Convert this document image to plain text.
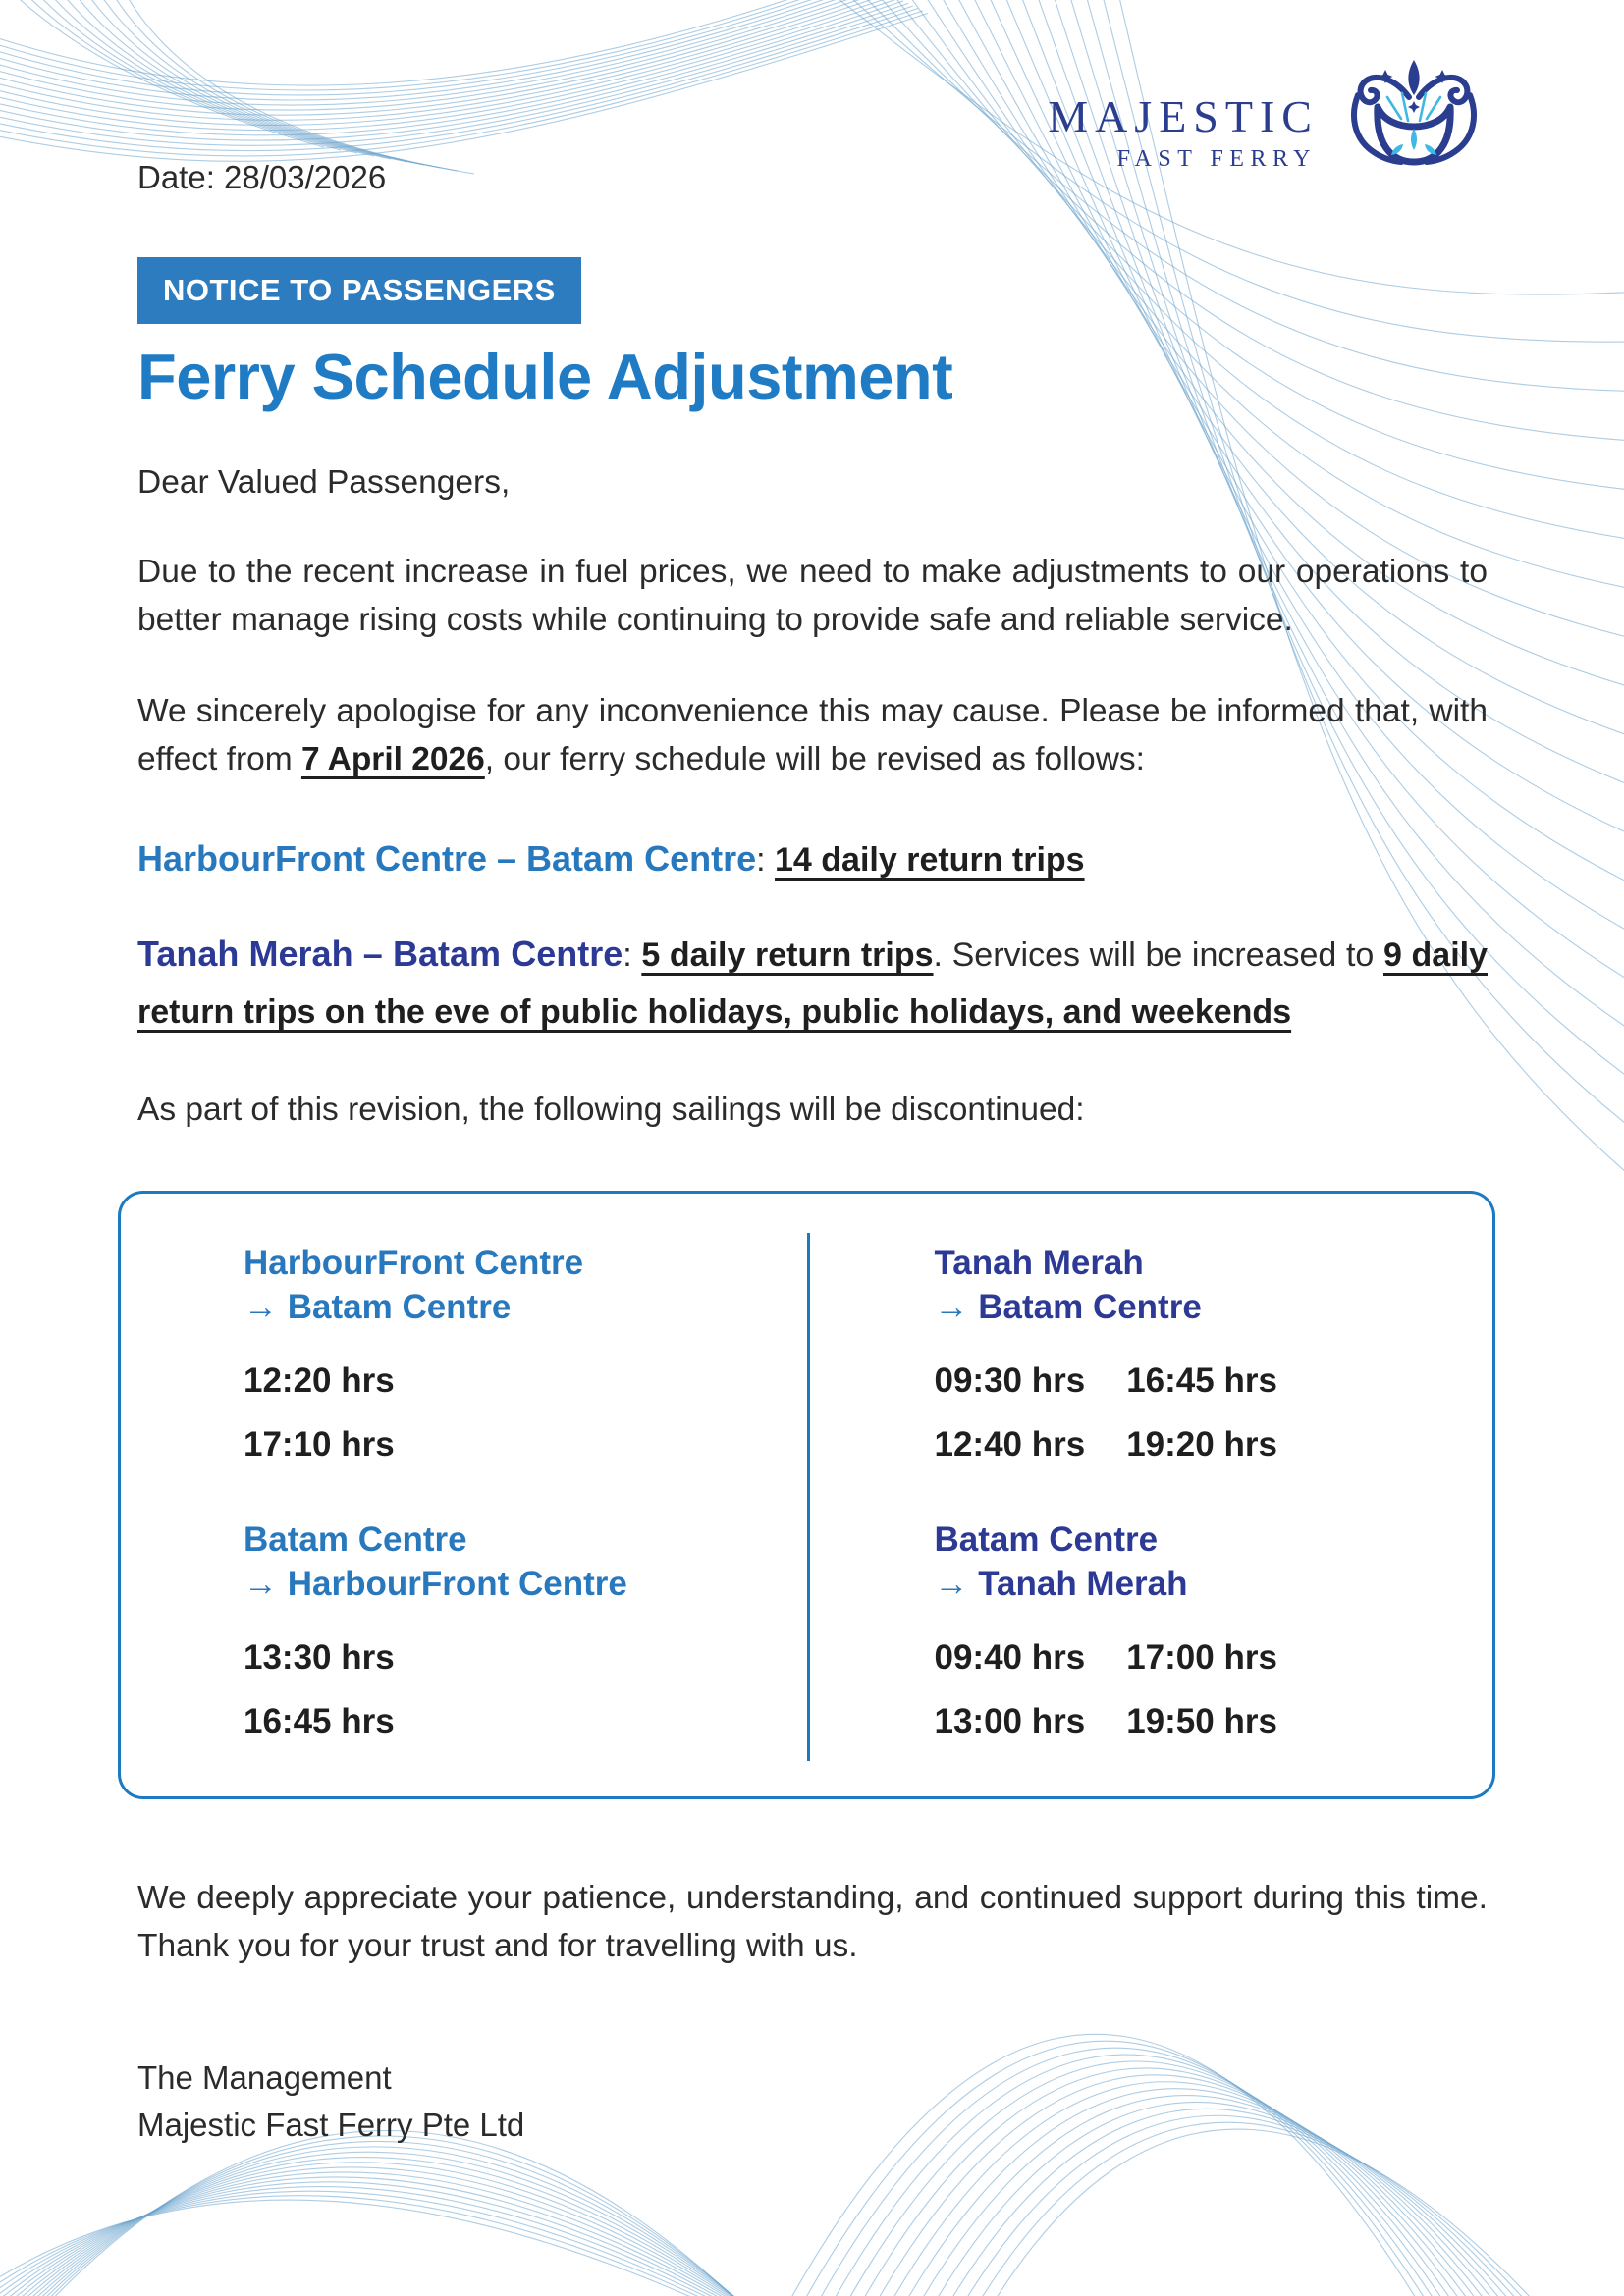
Date: 28/03/2026
MAJESTIC
FAST FERRY
NOTICE TO PASSENGERS
Ferry Schedule Adjustment

Dear Valued Passengers,

Due to the recent increase in fuel prices, we need to make adjustments to our operations to better manage rising costs while continuing to provide safe and reliable service.

We sincerely apologise for any inconvenience this may cause. Please be informed that, with effect from 7 April 2026, our ferry schedule will be revised as follows:

HarbourFront Centre – Batam Centre: 14 daily return trips

Tanah Merah – Batam Centre: 5 daily return trips. Services will be increased to 9 daily return trips on the eve of public holidays, public holidays, and weekends

As part of this revision, the following sailings will be discontinued:

HarbourFront Centre
→ Batam Centre
12:20 hrs
17:10 hrs
Batam Centre
→ HarbourFront Centre
13:30 hrs
16:45 hrs
Tanah Merah
→ Batam Centre
09:30 hrs 16:45 hrs
12:40 hrs 19:20 hrs
Batam Centre
→ Tanah Merah
09:40 hrs 17:00 hrs
13:00 hrs 19:50 hrs

We deeply appreciate your patience, understanding, and continued support during this time. Thank you for your trust and for travelling with us.

The Management
Majestic Fast Ferry Pte Ltd
